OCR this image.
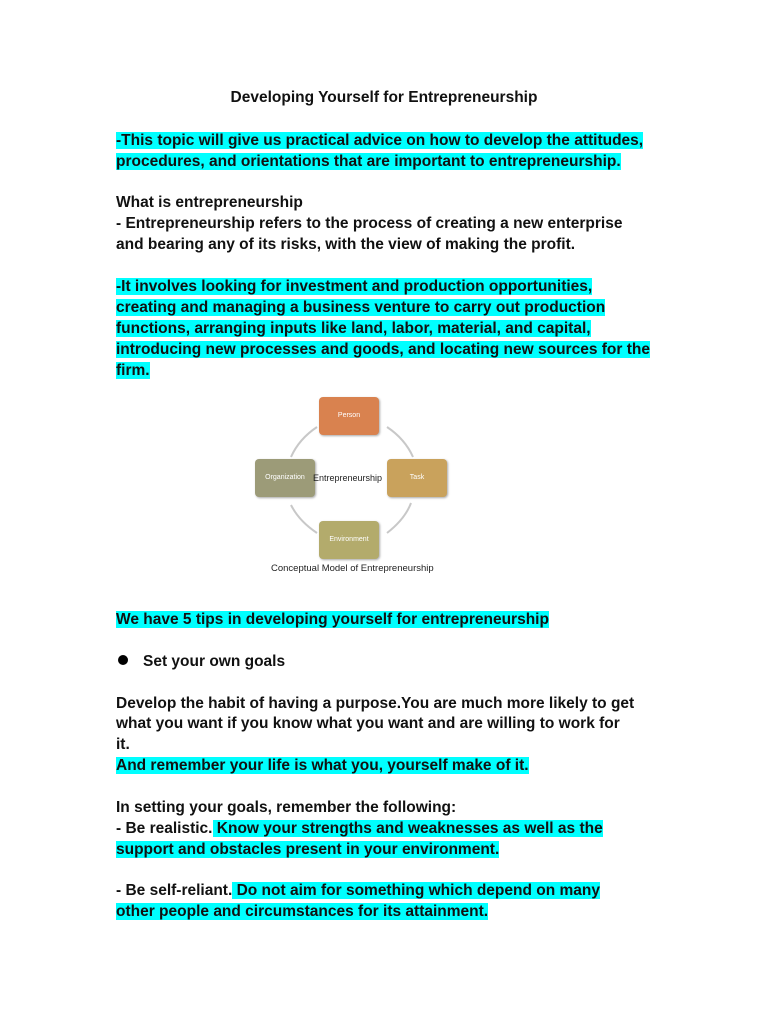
Developing Yourself for Entrepreneurship
-This topic will give us practical advice on how to develop the attitudes,
procedures, and orientations that are important to entrepreneurship.
What is entrepreneurship
- Entrepreneurship refers to the process of creating a new enterprise
and bearing any of its risks, with the view of making the profit.
-It involves looking for investment and production opportunities,
creating and managing a business venture to carry out production
functions, arranging inputs like land, labor, material, and capital,
introducing new processes and goods, and locating new sources for the
firm.
Person
Task
Environment
Organization Entrepreneurship
Conceptual Model of Entrepreneurship
We have 5 tips in developing yourself for entrepreneurship
Set your own goals
Develop the habit of having a purpose.You are much more likely to get
what you want if you know what you want and are willing to work for
it.
And remember your life is what you, yourself make of it.
In setting your goals, remember the following:
- Be realistic. Know your strengths and weaknesses as well as the
support and obstacles present in your environment.
- Be self-reliant. Do not aim for something which depend on many
other people and circumstances for its attainment.
